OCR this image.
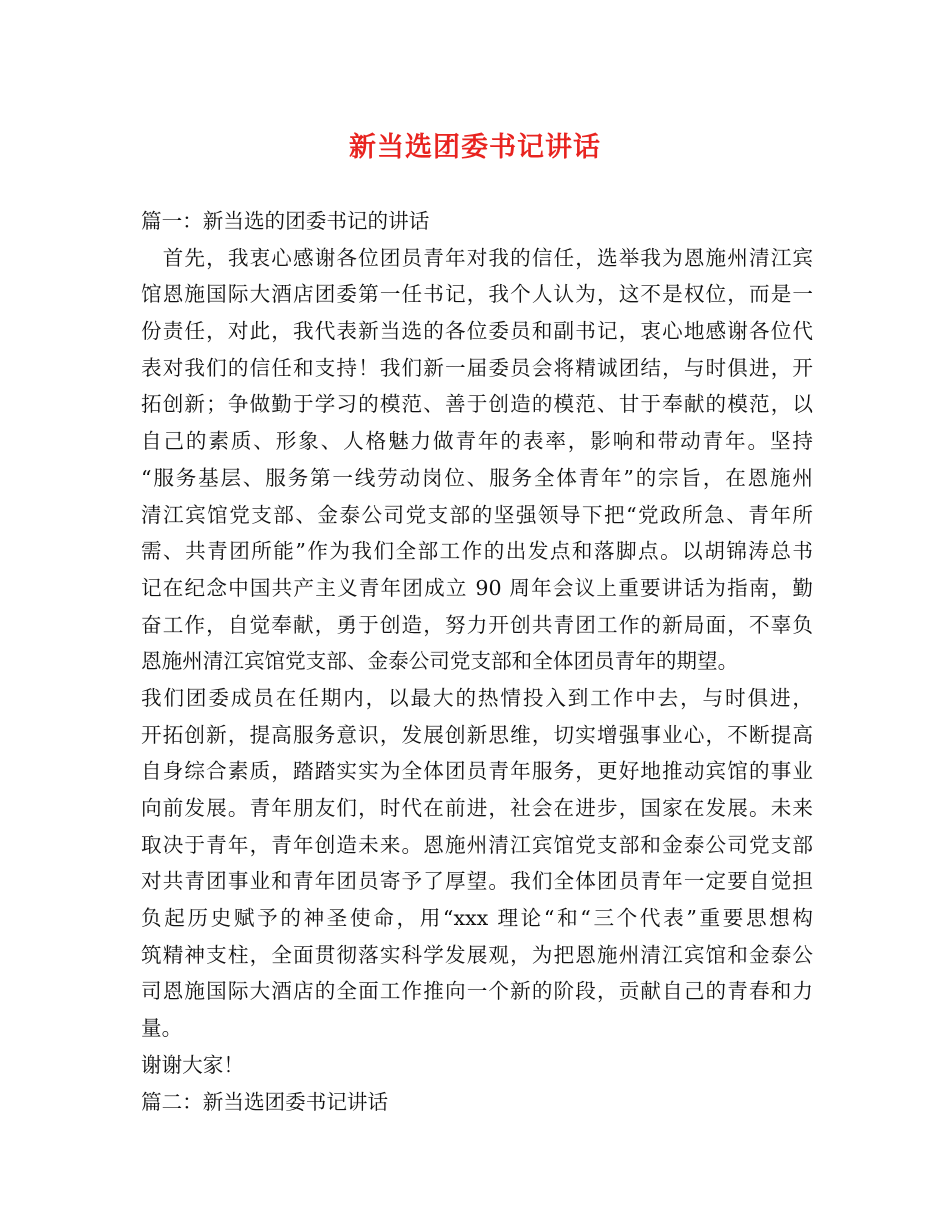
新当选团委书记讲话
篇一：新当选的团委书记的讲话
　首先，我衷心感谢各位团员青年对我的信任，选举我为恩施州清江宾
馆恩施国际大酒店团委第一任书记，我个人认为，这不是权位，而是一
份责任，对此，我代表新当选的各位委员和副书记，衷心地感谢各位代
表对我们的信任和支持！我们新一届委员会将精诚团结，与时俱进，开
拓创新；争做勤于学习的模范、善于创造的模范、甘于奉献的模范，以
自己的素质、形象、人格魅力做青年的表率，影响和带动青年。坚持
“服务基层、服务第一线劳动岗位、服务全体青年”的宗旨，在恩施州
清江宾馆党支部、金泰公司党支部的坚强领导下把“党政所急、青年所
需、共青团所能”作为我们全部工作的出发点和落脚点。以胡锦涛总书
记在纪念中国共产主义青年团成立 90 周年会议上重要讲话为指南，勤
奋工作，自觉奉献，勇于创造，努力开创共青团工作的新局面，不辜负
恩施州清江宾馆党支部、金泰公司党支部和全体团员青年的期望。
我们团委成员在任期内，以最大的热情投入到工作中去，与时俱进，
开拓创新，提高服务意识，发展创新思维，切实增强事业心，不断提高
自身综合素质，踏踏实实为全体团员青年服务，更好地推动宾馆的事业
向前发展。青年朋友们，时代在前进，社会在进步，国家在发展。未来
取决于青年，青年创造未来。恩施州清江宾馆党支部和金泰公司党支部
对共青团事业和青年团员寄予了厚望。我们全体团员青年一定要自觉担
负起历史赋予的神圣使命，用“xxx 理论“和“三个代表”重要思想构
筑精神支柱，全面贯彻落实科学发展观，为把恩施州清江宾馆和金泰公
司恩施国际大酒店的全面工作推向一个新的阶段，贡献自己的青春和力
量。
谢谢大家！
篇二：新当选团委书记讲话
